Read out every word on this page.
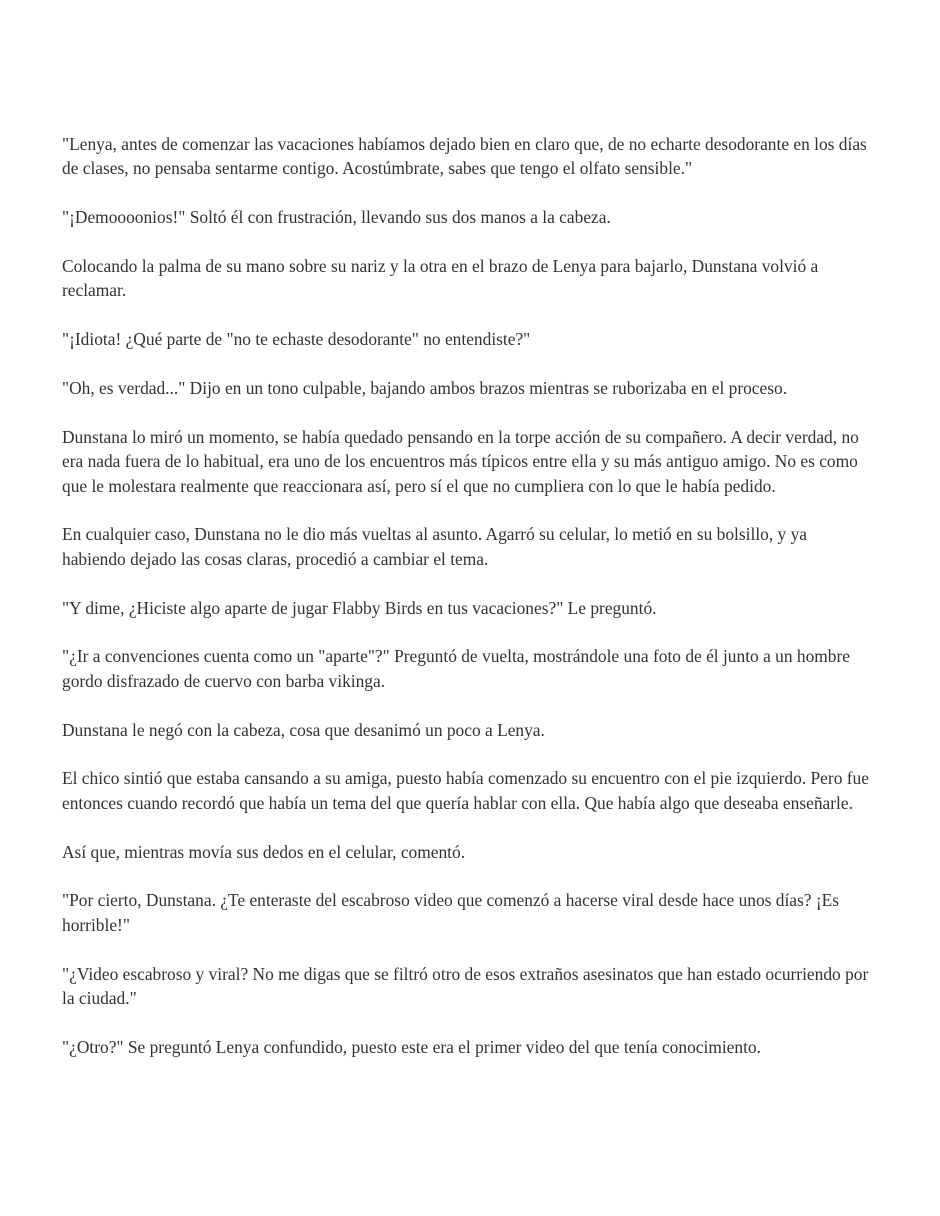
"Lenya, antes de comenzar las vacaciones habíamos dejado bien en claro que, de no echarte desodorante en los días de clases, no pensaba sentarme contigo. Acostúmbrate, sabes que tengo el olfato sensible."

"¡Demoooonios!" Soltó él con frustración, llevando sus dos manos a la cabeza.

Colocando la palma de su mano sobre su nariz y la otra en el brazo de Lenya para bajarlo, Dunstana volvió a reclamar.

"¡Idiota! ¿Qué parte de "no te echaste desodorante" no entendiste?"

"Oh, es verdad..." Dijo en un tono culpable, bajando ambos brazos mientras se ruborizaba en el proceso.

Dunstana lo miró un momento, se había quedado pensando en la torpe acción de su compañero. A decir verdad, no era nada fuera de lo habitual, era uno de los encuentros más típicos entre ella y su más antiguo amigo. No es como que le molestara realmente que reaccionara así, pero sí el que no cumpliera con lo que le había pedido.

En cualquier caso, Dunstana no le dio más vueltas al asunto. Agarró su celular, lo metió en su bolsillo, y ya habiendo dejado las cosas claras, procedió a cambiar el tema.

"Y dime, ¿Hiciste algo aparte de jugar Flabby Birds en tus vacaciones?" Le preguntó.

"¿Ir a convenciones cuenta como un "aparte"?" Preguntó de vuelta, mostrándole una foto de él junto a un hombre gordo disfrazado de cuervo con barba vikinga.

Dunstana le negó con la cabeza, cosa que desanimó un poco a Lenya.

El chico sintió que estaba cansando a su amiga, puesto había comenzado su encuentro con el pie izquierdo. Pero fue entonces cuando recordó que había un tema del que quería hablar con ella. Que había algo que deseaba enseñarle.

Así que, mientras movía sus dedos en el celular, comentó.

"Por cierto, Dunstana. ¿Te enteraste del escabroso video que comenzó a hacerse viral desde hace unos días? ¡Es horrible!"

"¿Video escabroso y viral? No me digas que se filtró otro de esos extraños asesinatos que han estado ocurriendo por la ciudad."

"¿Otro?" Se preguntó Lenya confundido, puesto este era el primer video del que tenía conocimiento.
